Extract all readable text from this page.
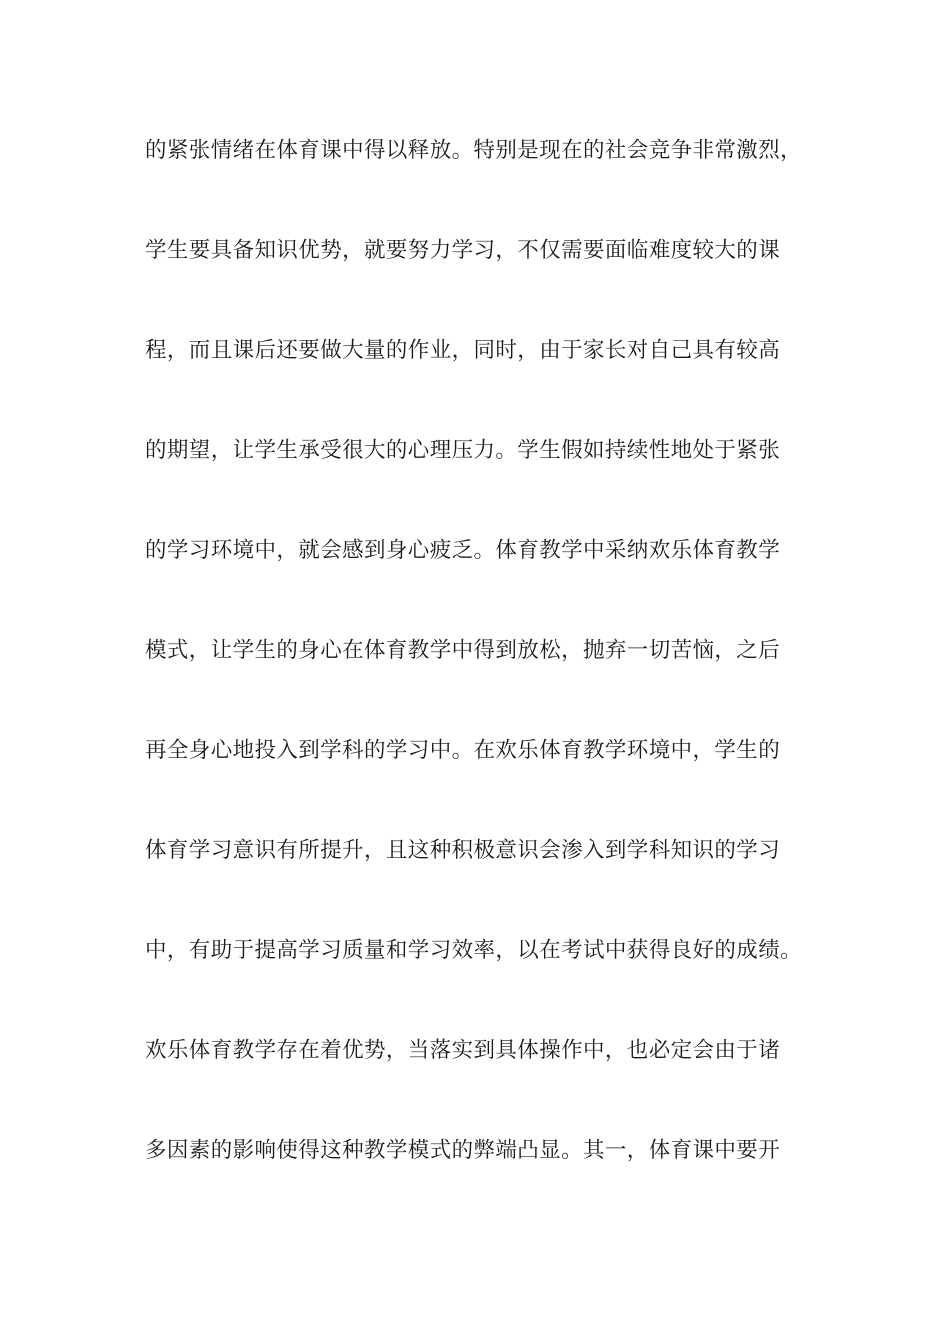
的紧张情绪在体育课中得以释放。特别是现在的社会竞争非常激烈，
学生要具备知识优势，就要努力学习，不仅需要面临难度较大的课
程，而且课后还要做大量的作业，同时，由于家长对自己具有较高
的期望，让学生承受很大的心理压力。学生假如持续性地处于紧张
的学习环境中，就会感到身心疲乏。体育教学中采纳欢乐体育教学
模式，让学生的身心在体育教学中得到放松，抛弃一切苦恼，之后
再全身心地投入到学科的学习中。在欢乐体育教学环境中，学生的
体育学习意识有所提升，且这种积极意识会渗入到学科知识的学习
中，有助于提高学习质量和学习效率，以在考试中获得良好的成绩。
欢乐体育教学存在着优势，当落实到具体操作中，也必定会由于诸
多因素的影响使得这种教学模式的弊端凸显。其一，体育课中要开
